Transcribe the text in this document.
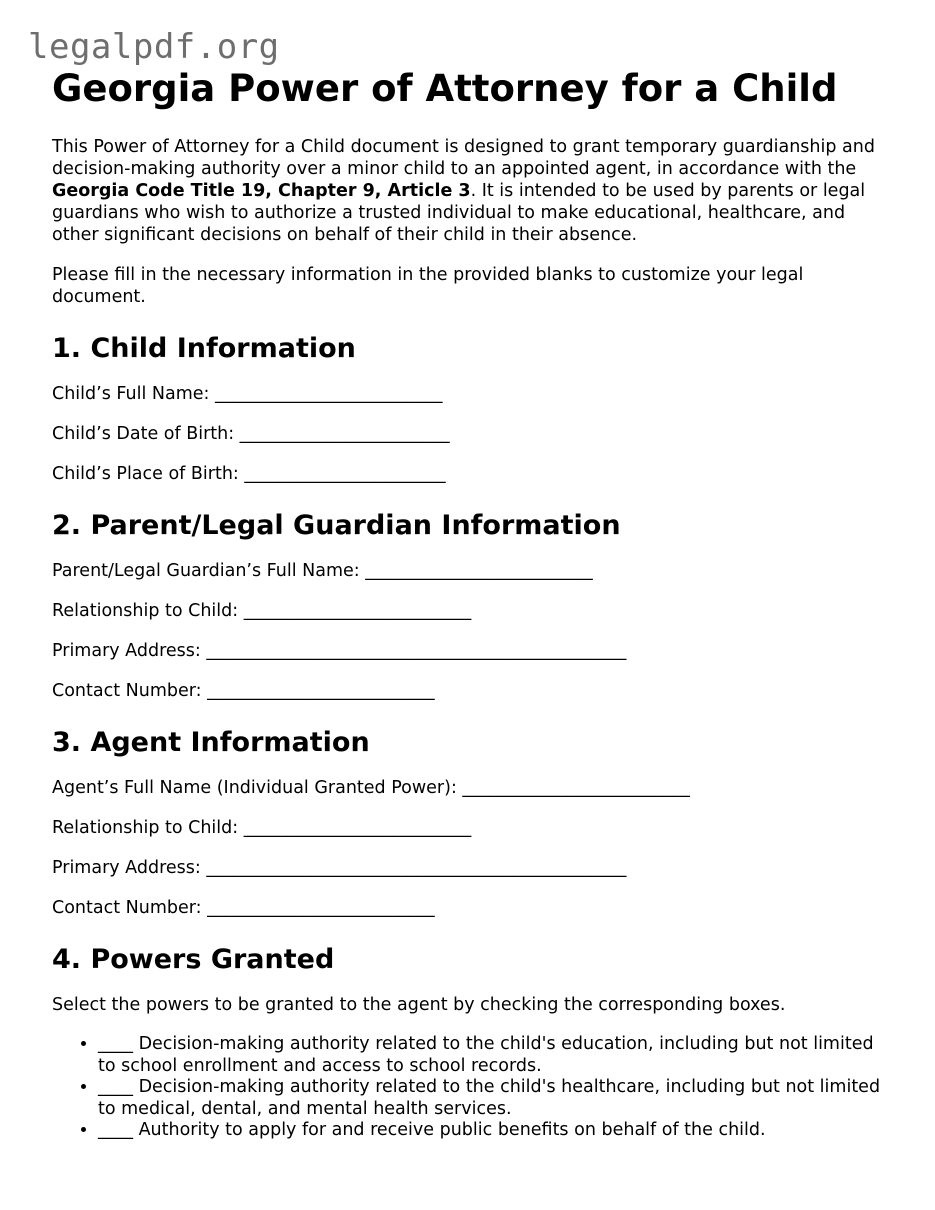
legalpdf.org
Georgia Power of Attorney for a Child

This Power of Attorney for a Child document is designed to grant temporary guardianship and decision-making authority over a minor child to an appointed agent, in accordance with the Georgia Code Title 19, Chapter 9, Article 3. It is intended to be used by parents or legal guardians who wish to authorize a trusted individual to make educational, healthcare, and other significant decisions on behalf of their child in their absence.

Please fill in the necessary information in the provided blanks to customize your legal document.

1. Child Information
Child’s Full Name: __________________________
Child’s Date of Birth: ________________________
Child’s Place of Birth: _______________________
2. Parent/Legal Guardian Information
Parent/Legal Guardian’s Full Name: __________________________
Relationship to Child: __________________________
Primary Address: ________________________________________________
Contact Number: __________________________
3. Agent Information
Agent’s Full Name (Individual Granted Power): __________________________
Relationship to Child: __________________________
Primary Address: ________________________________________________
Contact Number: __________________________
4. Powers Granted

Select the powers to be granted to the agent by checking the corresponding boxes.

• ____ Decision-making authority related to the child's education, including but not limited to school enrollment and access to school records.
• ____ Decision-making authority related to the child's healthcare, including but not limited to medical, dental, and mental health services.
• ____ Authority to apply for and receive public benefits on behalf of the child.
